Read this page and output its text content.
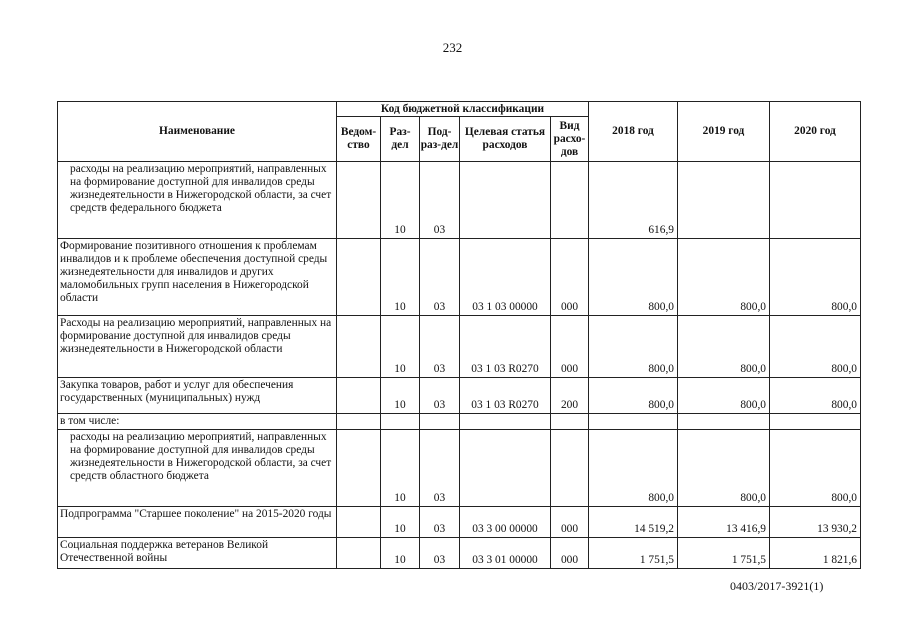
232
Наименование	Код бюджетной классификации					2018 год	2019 год	2020 год
	Ведом-ство	Раз-дел	Под-раз-дел	Целевая статья расходов	Вид расхо-дов			
расходы на реализацию мероприятий, направленных на формирование доступной для инвалидов среды жизнедеятельности в Нижегородской области, за счет средств федерального бюджета		10	03			616,9		
Формирование позитивного отношения к проблемам инвалидов и к проблеме обеспечения доступной среды жизнедеятельности для инвалидов и других маломобильных групп населения в Нижегородской области		10	03	03 1 03 00000	000	800,0	800,0	800,0
Расходы на реализацию мероприятий, направленных на формирование доступной для инвалидов среды жизнедеятельности в Нижегородской области		10	03	03 1 03 R0270	000	800,0	800,0	800,0
Закупка товаров, работ и услуг для обеспечения государственных (муниципальных) нужд		10	03	03 1 03 R0270	200	800,0	800,0	800,0
в том числе:								
расходы на реализацию мероприятий, направленных на формирование доступной для инвалидов среды жизнедеятельности в Нижегородской области, за счет средств областного бюджета		10	03			800,0	800,0	800,0
Подпрограмма "Старшее поколение" на 2015-2020 годы		10	03	03 3 00 00000	000	14 519,2	13 416,9	13 930,2
Социальная поддержка ветеранов Великой Отечественной войны		10	03	03 3 01 00000	000	1 751,5	1 751,5	1 821,6
0403/2017-3921(1)
